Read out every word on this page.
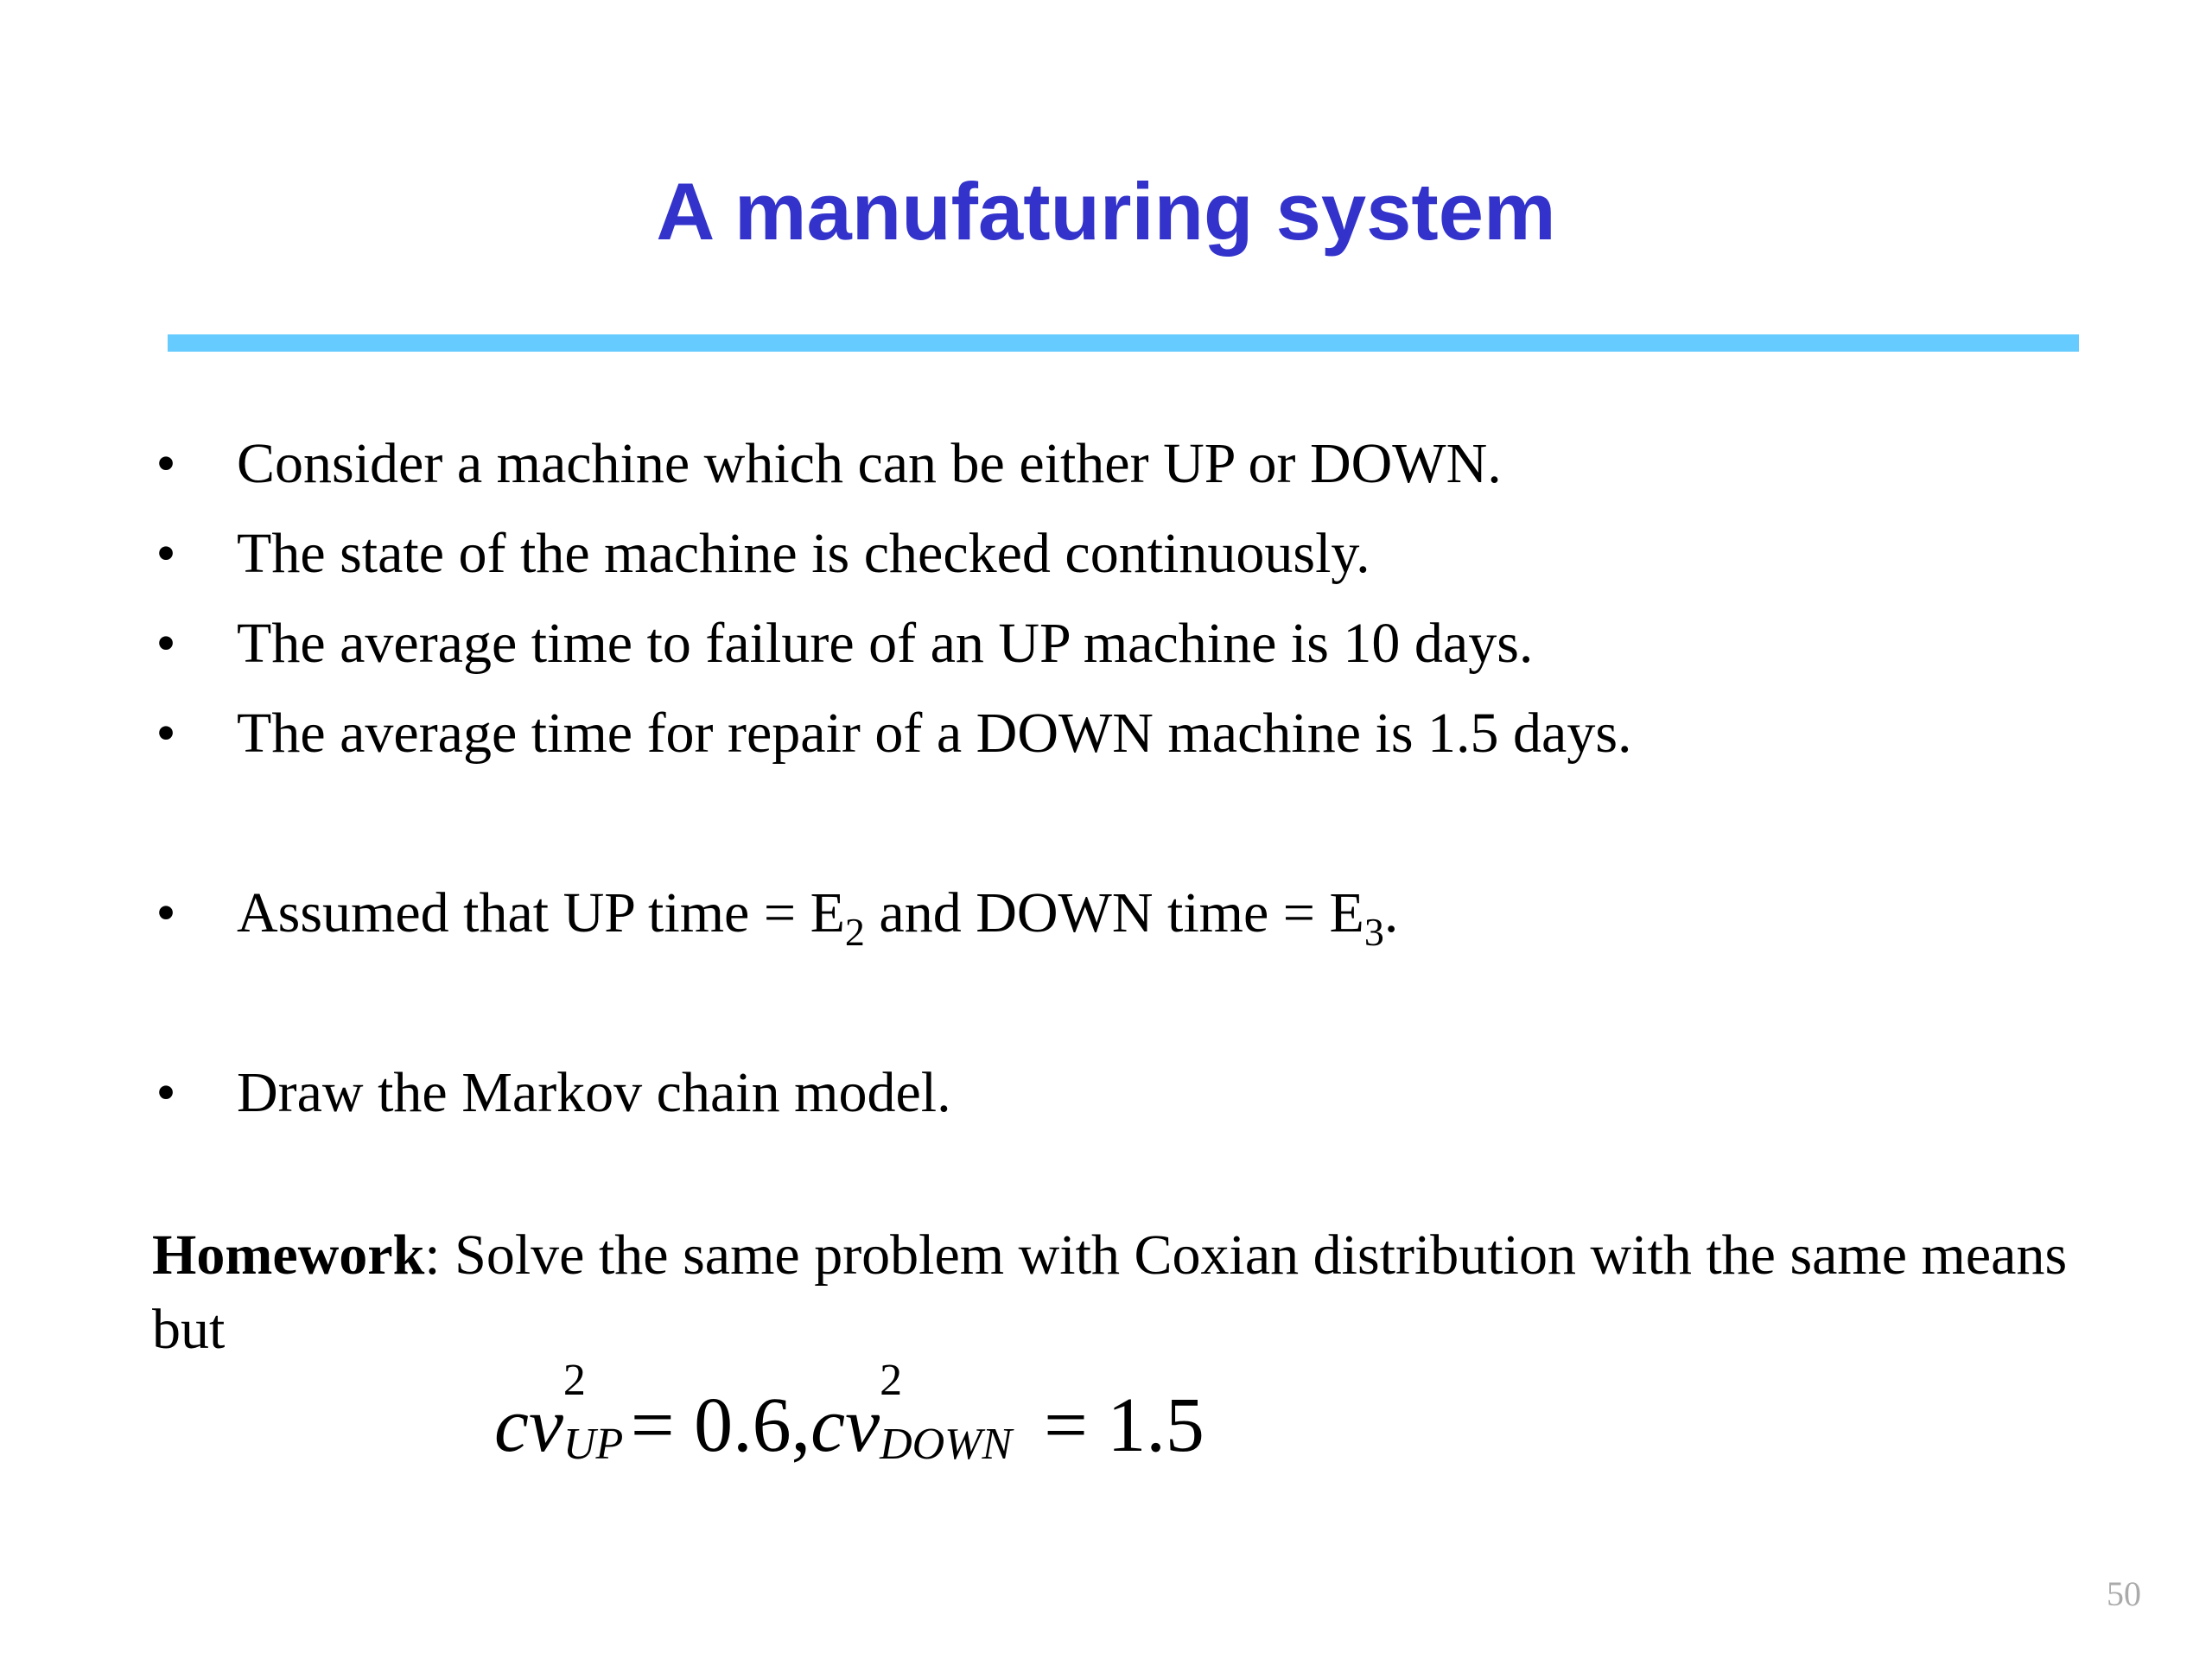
A manufaturing system
• Consider a machine which can be either UP or DOWN.
• The state of the machine is checked continuously.
• The average time to failure of an UP machine is 10 days.
• The average time for repair of a DOWN machine is 1.5 days.
• Assumed that UP time = $E_2$ and DOWN time = $E_3$.
• Draw the Markov chain model.
Homework: Solve the same problem with Coxian distribution with the same means but
cv
2
UP = 0.6,cv
2
DOWN = 1.5
50
